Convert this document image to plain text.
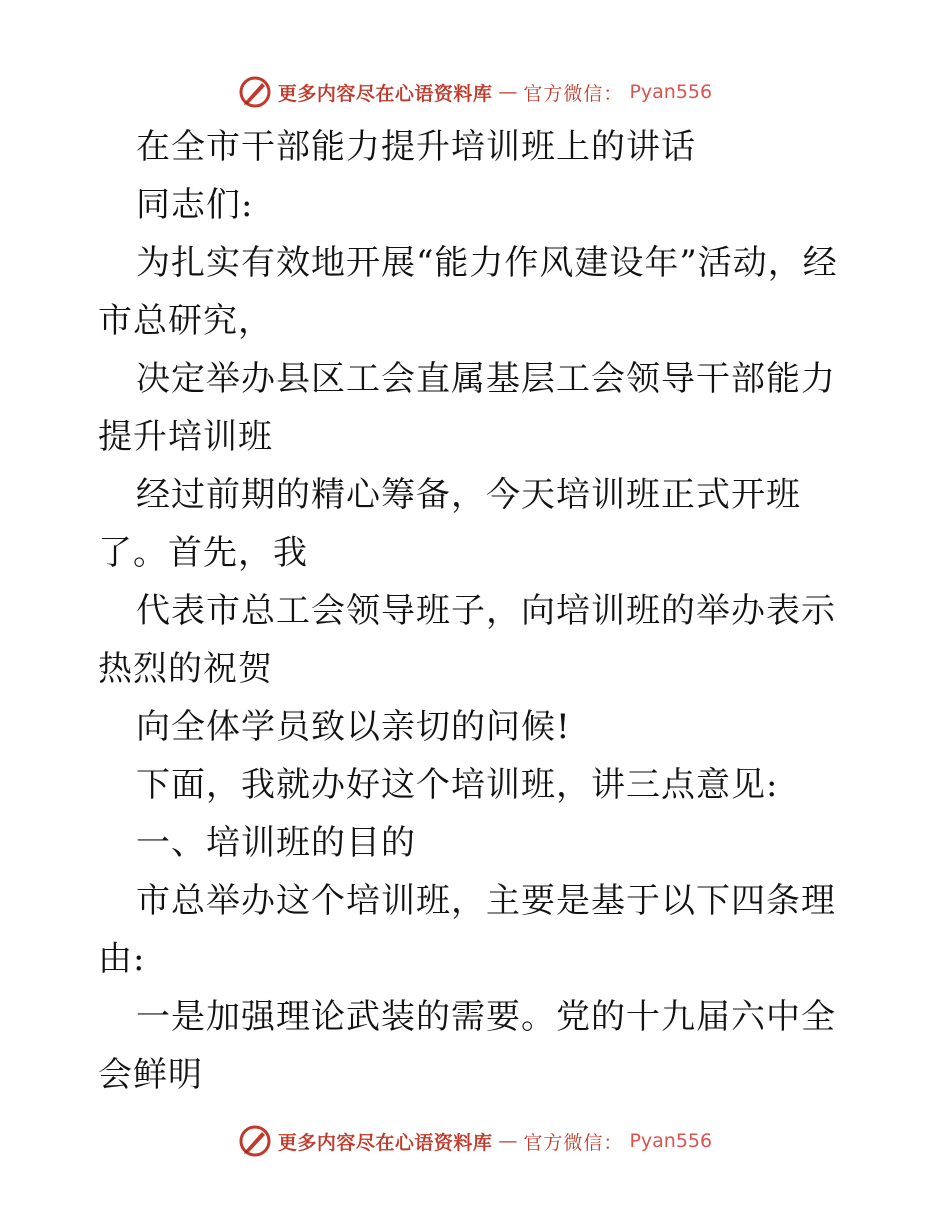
更多内容尽在心语资料库 — 官方微信： Pyan556

在全市干部能力提升培训班上的讲话

同志们:

为扎实有效地开展“能力作风建设年”活动，经市总研究，

决定举办县区工会直属基层工会领导干部能力提升培训班

经过前期的精心筹备，今天培训班正式开班了。首先，我

代表市总工会领导班子，向培训班的举办表示热烈的祝贺

向全体学员致以亲切的问候!

下面，我就办好这个培训班，讲三点意见:

一、培训班的目的

市总举办这个培训班，主要是基于以下四条理由:

一是加强理论武装的需要。党的十九届六中全会鲜明

更多内容尽在心语资料库 — 官方微信： Pyan556
